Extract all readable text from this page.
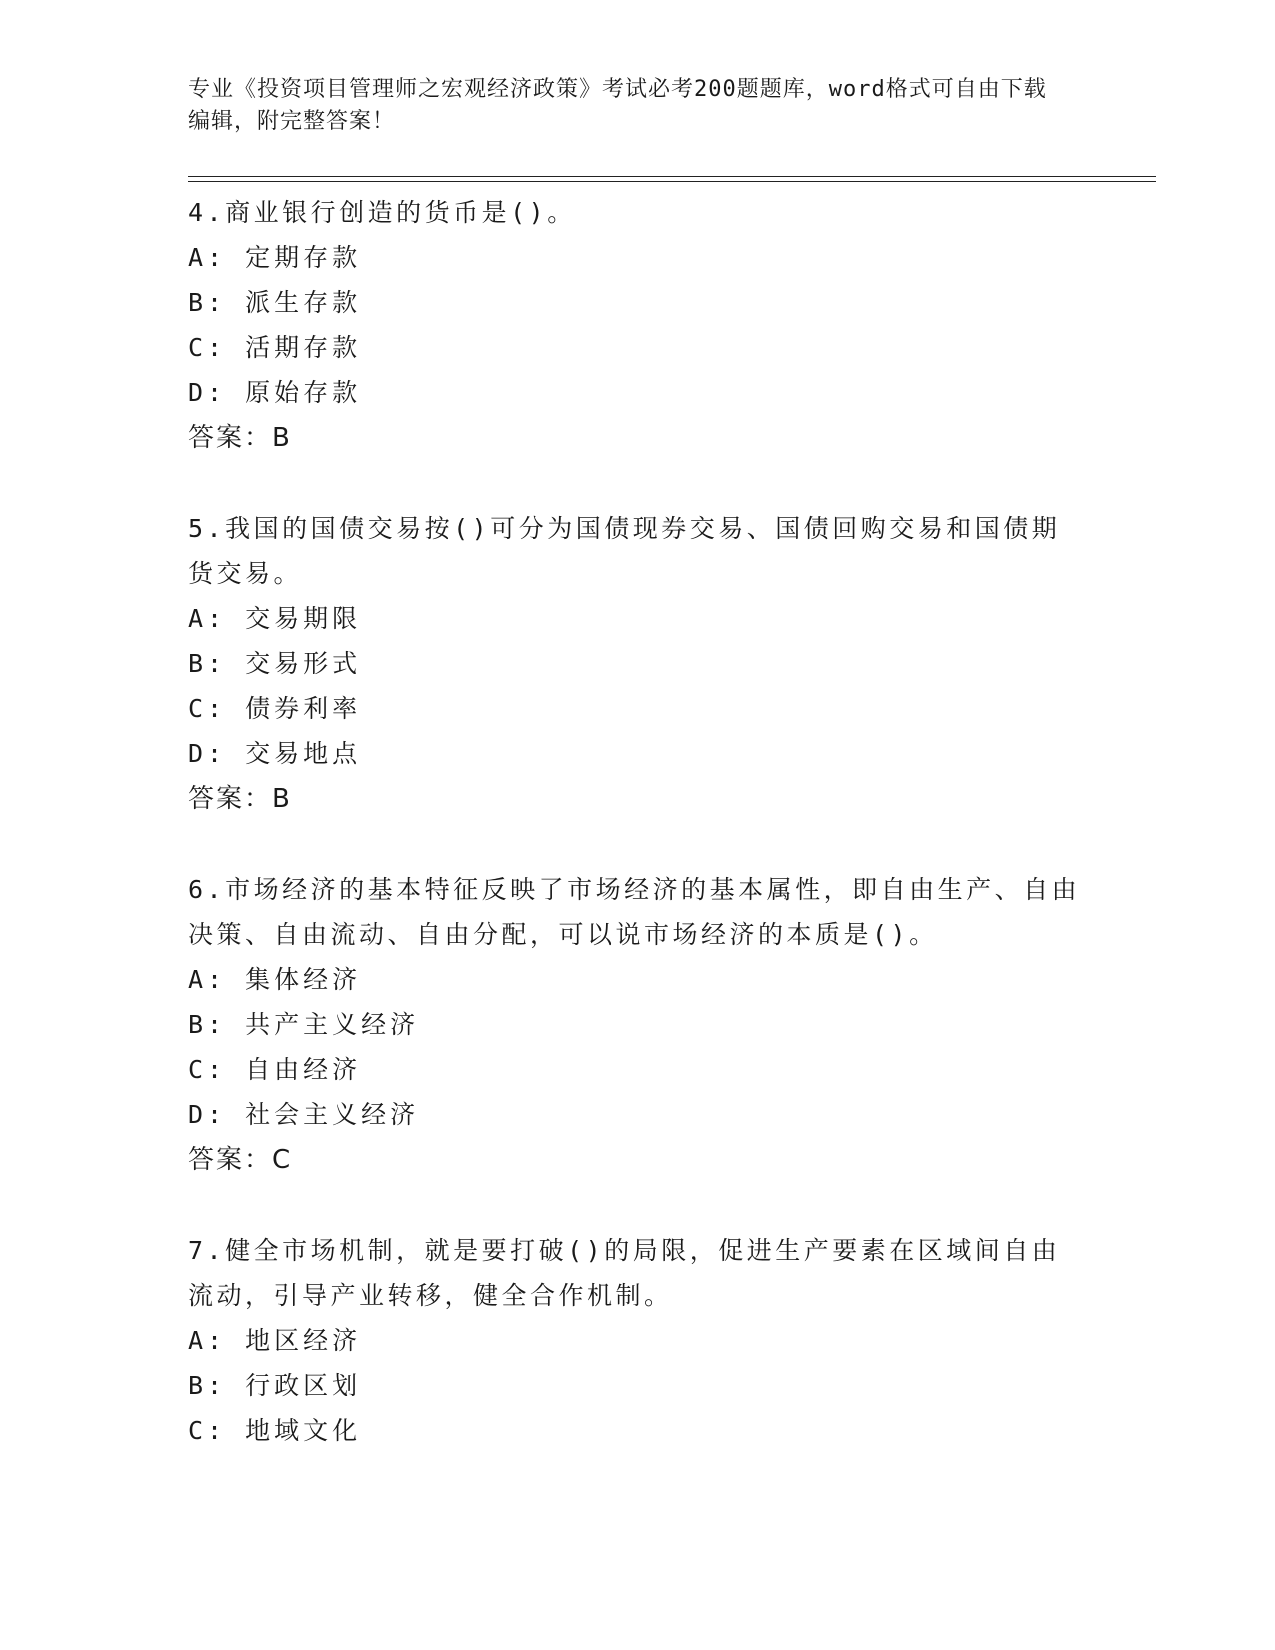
专业《投资项目管理师之宏观经济政策》考试必考200题题库，word格式可自由下载编辑，附完整答案！

4.商业银行创造的货币是()。

A: 定期存款

B: 派生存款

C: 活期存款

D: 原始存款

答案：B

5.我国的国债交易按()可分为国债现券交易、国债回购交易和国债期货交易。

A: 交易期限

B: 交易形式

C: 债券利率

D: 交易地点

答案：B

6.市场经济的基本特征反映了市场经济的基本属性，即自由生产、自由决策、自由流动、自由分配，可以说市场经济的本质是()。

A: 集体经济

B: 共产主义经济

C: 自由经济

D: 社会主义经济

答案：C

7.健全市场机制，就是要打破()的局限，促进生产要素在区域间自由流动，引导产业转移，健全合作机制。

A: 地区经济

B: 行政区划

C: 地域文化
